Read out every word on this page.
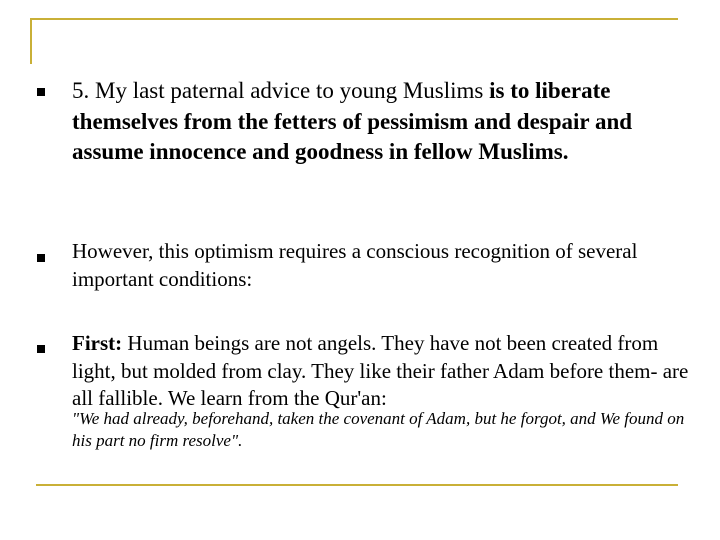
5. My last paternal advice to young Muslims is to liberate themselves from the fetters of pessimism and despair and assume innocence and goodness in fellow Muslims.

However, this optimism requires a conscious recognition of several important conditions:

First: Human beings are not angels. They have not been created from light, but molded from clay. They like their father Adam before them- are all fallible. We learn from the Qur'an:

"We had already, beforehand, taken the covenant of Adam, but he forgot, and We found on his part no firm resolve".
